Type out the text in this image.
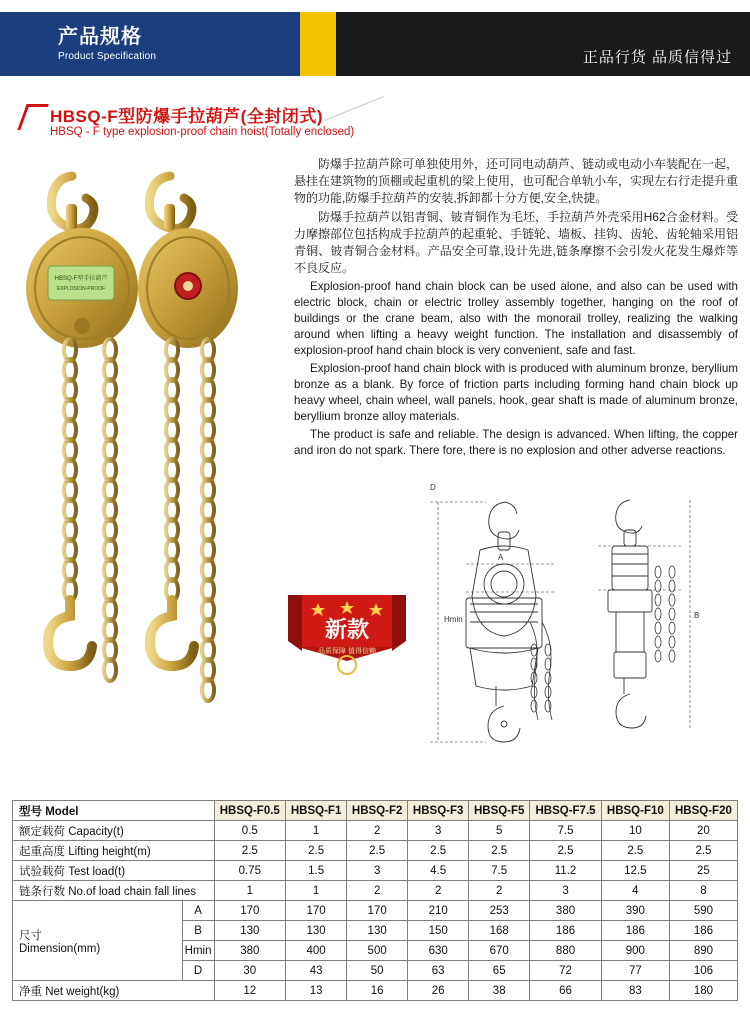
正品行货 品质信得过
产品规格
Product Specification
HBSQ-F型防爆手拉葫芦(全封闭式)
HBSQ - F type explosion-proof chain hoist(Totally enclosed)
HBSQ-F型手拉葫芦
EXPLOSION-PROOF

防爆手拉葫芦除可单独使用外，还可同电动葫芦、链动或电动小车装配在一起，悬挂在建筑物的顶棚或起重机的梁上使用，也可配合单轨小车，实现左右行走提升重物的功能,防爆手拉葫芦的安装,拆卸都十分方便,安全,快捷。

防爆手拉葫芦以铝青铜、铍青铜作为毛坯，手拉葫芦外壳采用H62合金材料。受力摩擦部位包括构成手拉葫芦的起重轮、手链轮、墙板、挂钩、齿轮、齿轮轴采用铝青铜、铍青铜合金材料。产品安全可靠,设计先进,链条摩擦不会引发火花发生爆炸等不良反应。

Explosion-proof hand chain block can be used alone, and also can be used with electric block, chain or electric trolley assembly together, hanging on the roof of buildings or the crane beam, also with the monorail trolley, realizing the walking around when lifting a heavy weight function. The installation and disassembly of explosion-proof hand chain block is very convenient, safe and fast.

Explosion-proof hand chain block with is produced with aluminum bronze, beryllium bronze as a blank. By force of friction parts including forming hand chain block up heavy wheel, chain wheel, wall panels, hook, gear shaft is made of aluminum bronze, beryllium bronze alloy materials.

The product is safe and reliable. The design is advanced. When lifting, the copper and iron do not spark. There fore, there is no explosion and other adverse reactions.

新款
品质保障 值得信赖
Hmin
A
D
B
型号 Model		HBSQ-F0.5	HBSQ-F1	HBSQ-F2	HBSQ-F3	HBSQ-F5	HBSQ-F7.5	HBSQ-F10	HBSQ-F20
额定载荷 Capacity(t)		0.5	1	2	3	5	7.5	10	20
起重高度 Lifting height(m)		2.5	2.5	2.5	2.5	2.5	2.5	2.5	2.5
试验载荷 Test load(t)		0.75	1.5	3	4.5	7.5	11.2	12.5	25
链条行数 No.of load chain fall lines		1	1	2	2	2	3	4	8
尺寸
Dimension(mm)	A	170	170	170	210	253	380	390	590
	B	130	130	130	150	168	186	186	186
	Hmin	380	400	500	630	670	880	900	890
	D	30	43	50	63	65	72	77	106
净重 Net weight(kg)		12	13	16	26	38	66	83	180
